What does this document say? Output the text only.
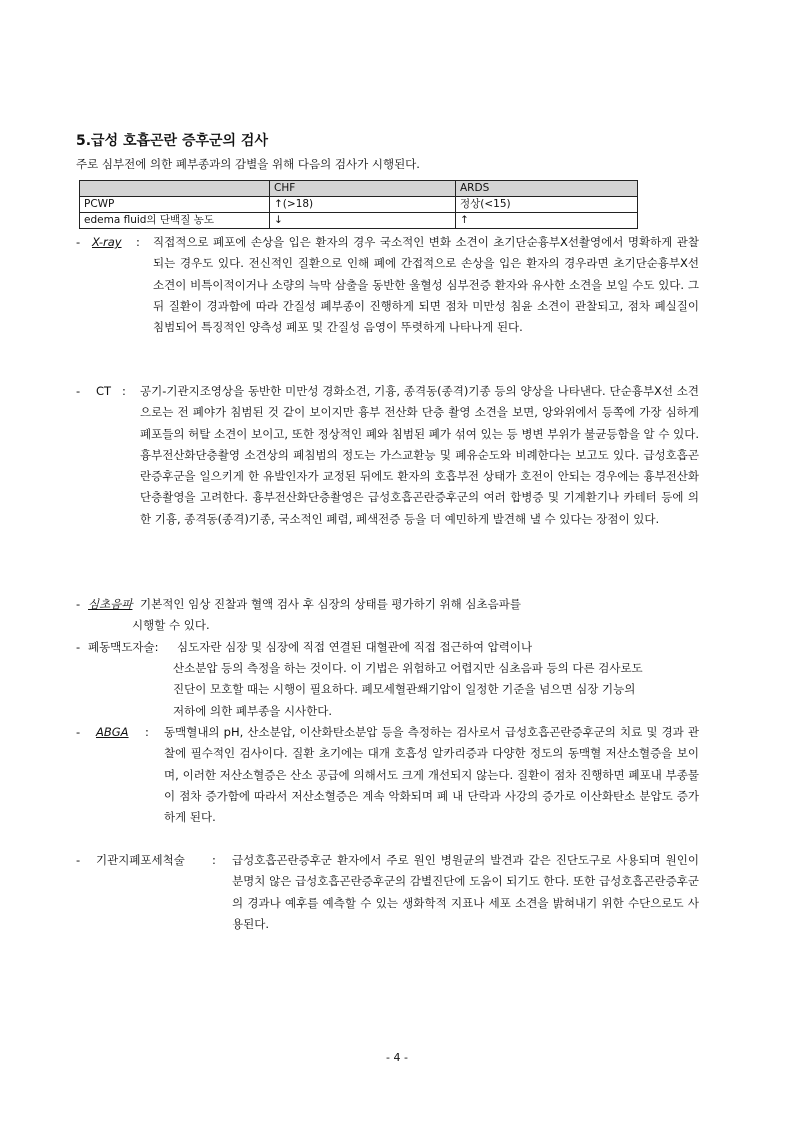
5.급성 호흡곤란 증후군의 검사
주로 심부전에 의한 폐부종과의 감별을 위해 다음의 검사가 시행된다.
	CHF	ARDS
PCWP	↑(>18)	정상(<15)
edema fluid의 단백질 농도	↓	↑
- X-ray : 직접적으로 폐포에 손상을 입은 환자의 경우 국소적인 변화 소견이 초기단순흉부X선촬영에서 명확하게 관찰되는 경우도 있다. 전신적인 질환으로 인해 폐에 간접적으로 손상을 입은 환자의 경우라면 초기단순흉부X선 소견이 비특이적이거나 소량의 늑막 삼출을 동반한 울혈성 심부전증 환자와 유사한 소견을 보일 수도 있다. 그 뒤 질환이 경과함에 따라 간질성 폐부종이 진행하게 되면 점차 미만성 침윤 소견이 관찰되고, 점차 폐실질이 침범되어 특징적인 양측성 폐포 및 간질성 음영이 뚜렷하게 나타나게 된다.
- CT : 공기-기관지조영상을 동반한 미만성 경화소견, 기흉, 종격동(종격)기종 등의 양상을 나타낸다. 단순흉부X선 소견으로는 전 폐야가 침범된 것 같이 보이지만 흉부 전산화 단층 촬영 소견을 보면, 앙와위에서 등쪽에 가장 심하게 폐포들의 허탈 소견이 보이고, 또한 정상적인 폐와 침범된 폐가 섞여 있는 등 병변 부위가 불균등함을 알 수 있다. 흉부전산화단층촬영 소견상의 폐침범의 정도는 가스교환능 및 폐유순도와 비례한다는 보고도 있다. 급성호흡곤란증후군을 일으키게 한 유발인자가 교정된 뒤에도 환자의 호흡부전 상태가 호전이 안되는 경우에는 흉부전산화단층촬영을 고려한다. 흉부전산화단층촬영은 급성호흡곤란증후군의 여러 합병증 및 기계환기나 카테터 등에 의한 기흉, 종격동(종격)기종, 국소적인 폐렴, 폐색전증 등을 더 예민하게 발견해 낼 수 있다는 장점이 있다.
- 심초음파 기본적인 임상 진찰과 혈액 검사 후 심장의 상태를 평가하기 위해 심초음파를
시행할 수 있다.
- 폐동맥도자술: 심도자란 심장 및 심장에 직접 연결된 대혈관에 직접 접근하여 압력이나
산소분압 등의 측정을 하는 것이다. 이 기법은 위험하고 어렵지만 심초음파 등의 다른 검사로도 진단이 모호할 때는 시행이 필요하다. 폐모세혈관쐐기압이 일정한 기준을 넘으면 심장 기능의 저하에 의한 폐부종을 시사한다.
- ABGA : 동맥혈내의 pH, 산소분압, 이산화탄소분압 등을 측정하는 검사로서 급성호흡곤란증후군의 치료 및 경과 관찰에 필수적인 검사이다. 질환 초기에는 대개 호흡성 알카리증과 다양한 정도의 동맥혈 저산소혈증을 보이며, 이러한 저산소혈증은 산소 공급에 의해서도 크게 개선되지 않는다. 질환이 점차 진행하면 폐포내 부종물이 점차 증가함에 따라서 저산소혈증은 계속 악화되며 폐 내 단락과 사강의 증가로 이산화탄소 분압도 증가하게 된다.
- 기관지폐포세척술 : 급성호흡곤란증후군 환자에서 주로 원인 병원균의 발견과 같은 진단도구로 사용되며 원인이 분명치 않은 급성호흡곤란증후군의 감별진단에 도움이 되기도 한다. 또한 급성호흡곤란증후군의 경과나 예후를 예측할 수 있는 생화학적 지표나 세포 소견을 밝혀내기 위한 수단으로도 사용된다.
- 4 -
